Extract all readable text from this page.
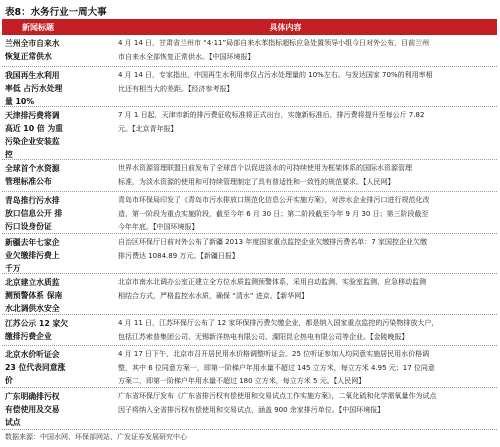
表8：水务行业一周大事
新闻标题	具体内容
兰州全市自来水
恢复正常供水
4 月 14 日，甘肃省兰州市 “4·11”局部自来水苯指标超标应急处置领导小组今日对外公布，目前兰州
市自来水全部恢复正常供水。【中国环境报】
我国再生水利用
率低 占污水处理
量 10%
4 月 14 日，专家指出，中国再生水利用率仅占污水处理量的 10%左右。与发达国家 70%的利用率相
比还有相当大的差距。【经济参考报】
天津排污费将调
高近 10 倍 为重
污染企业安装监
控
7 月 1 日起，天津市新的排污费征收标准将正式出台，实施新标准后，排污费将提升至每公斤 7.82
元。【北京青年报】
全球首个水资源
管理标准公布
世界水资源管理联盟日前发布了全球首个以促进淡水的可持续使用为框架体系的国际水资源管理
标准，为淡水资源的使用和可持续管理制定了具有普适性和一致性的规范要求。【人民网】
青岛推行污水排
放口信息公开 排
污口设身份证
青岛市环保局印发了《青岛市污水排放口规范化信息公开实施方案》，对涉水企业排污口进行规范化改
造，第一阶段为重点实施阶段，截至今年 6 月 30 日；第二阶段截至今年 9 月 30 日；第三阶段截至
今年年底。【中国环境报】
新疆去年七家企
业欠缴排污费上
千万
自治区环保厅日前对外公布了新疆 2013 年度国家重点监控企业欠缴排污费名单：7 家国控企业欠缴
排污费达 1084.89 万元。【新疆日报】
北京建立水质监
测预警体系 保南
水北调供水安全
北京市南水北调办公室正建立全方位水质监测预警体系，采用自动监测、实验室监测、应急移动监测
相结合方式，严格监控水水质，确保 “清水” 进京。【新华网】
江苏公示 12 家欠
缴排污费企业
4 月 11 日，江苏环保厅公布了 12 家环保排污费欠缴企业，都是纳入国家重点监控的污染物排放大户，
包括江苏索普集团公司、无锡新洋热电有限公司、溧阳昆仑热电有限公司等企业。【金陵晚报】
北京水价听证会
23 位代表同意涨
价
4 月 17 日下午，北京市召开居民用水价格调整听证会。25 位听证参加人均同意实施居民用水价格调
整，其中 6 位同意方案一，即第一阶梯户年用水量不超过 145 立方米，每立方米 4.95 元；17 位同意
方案二，即第一阶梯户年用水量不超过 180 立方米，每立方米 5 元。【人民网】
广东明确排污权
有偿使用及交易
试点
广东省环保厅发布《广东省排污权有偿使用和交易试点工作实施方案》，二氧化硫和化学需氧量作为试点
因子将纳入全省排污权有偿使用和交易试点，涵盖 900 余家排污单位。【中国环境报】
数据来源：中国水网、环保部网站、广发证券发展研究中心
